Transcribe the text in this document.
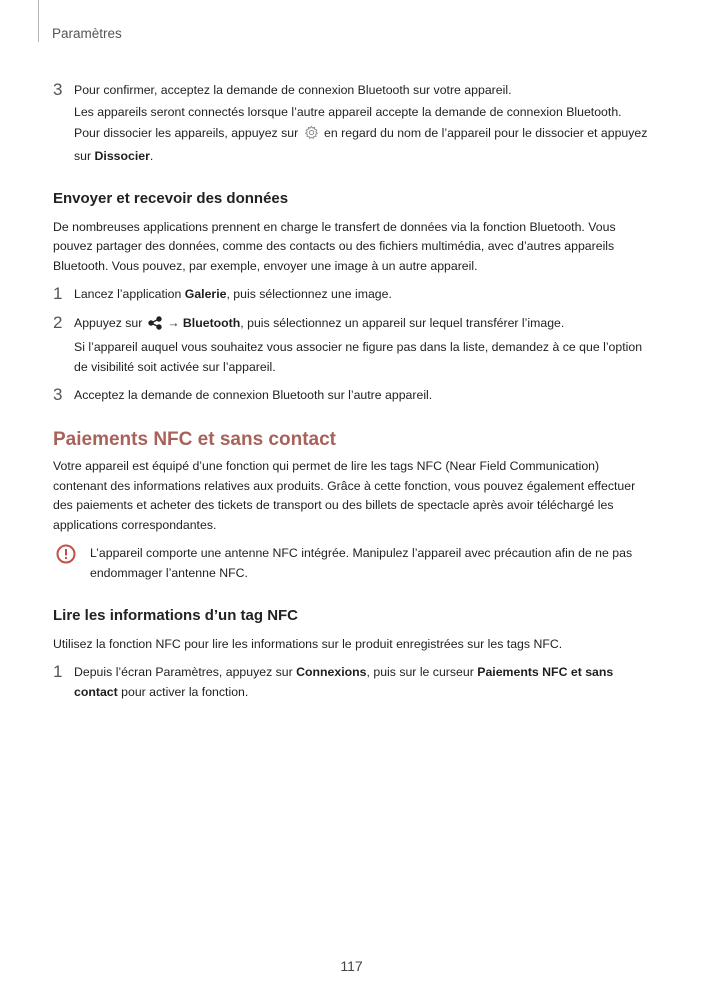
Paramètres
3 Pour confirmer, acceptez la demande de connexion Bluetooth sur votre appareil.

Les appareils seront connectés lorsque l’autre appareil accepte la demande de connexion Bluetooth.

Pour dissocier les appareils, appuyez sur en regard du nom de l’appareil pour le dissocier et appuyez sur Dissocier.

Envoyer et recevoir des données

De nombreuses applications prennent en charge le transfert de données via la fonction Bluetooth. Vous pouvez partager des données, comme des contacts ou des fichiers multimédia, avec d’autres appareils Bluetooth. Vous pouvez, par exemple, envoyer une image à un autre appareil.

1 Lancez l’application Galerie, puis sélectionnez une image.

2 Appuyez sur → Bluetooth, puis sélectionnez un appareil sur lequel transférer l’image.

Si l’appareil auquel vous souhaitez vous associer ne figure pas dans la liste, demandez à ce que l’option de visibilité soit activée sur l’appareil.

3 Acceptez la demande de connexion Bluetooth sur l’autre appareil.

Paiements NFC et sans contact

Votre appareil est équipé d’une fonction qui permet de lire les tags NFC (Near Field Communication) contenant des informations relatives aux produits. Grâce à cette fonction, vous pouvez également effectuer des paiements et acheter des tickets de transport ou des billets de spectacle après avoir téléchargé les applications correspondantes.

L’appareil comporte une antenne NFC intégrée. Manipulez l’appareil avec précaution afin de ne pas endommager l’antenne NFC.

Lire les informations d’un tag NFC

Utilisez la fonction NFC pour lire les informations sur le produit enregistrées sur les tags NFC.

1 Depuis l’écran Paramètres, appuyez sur Connexions, puis sur le curseur Paiements NFC et sans contact pour activer la fonction.

117
